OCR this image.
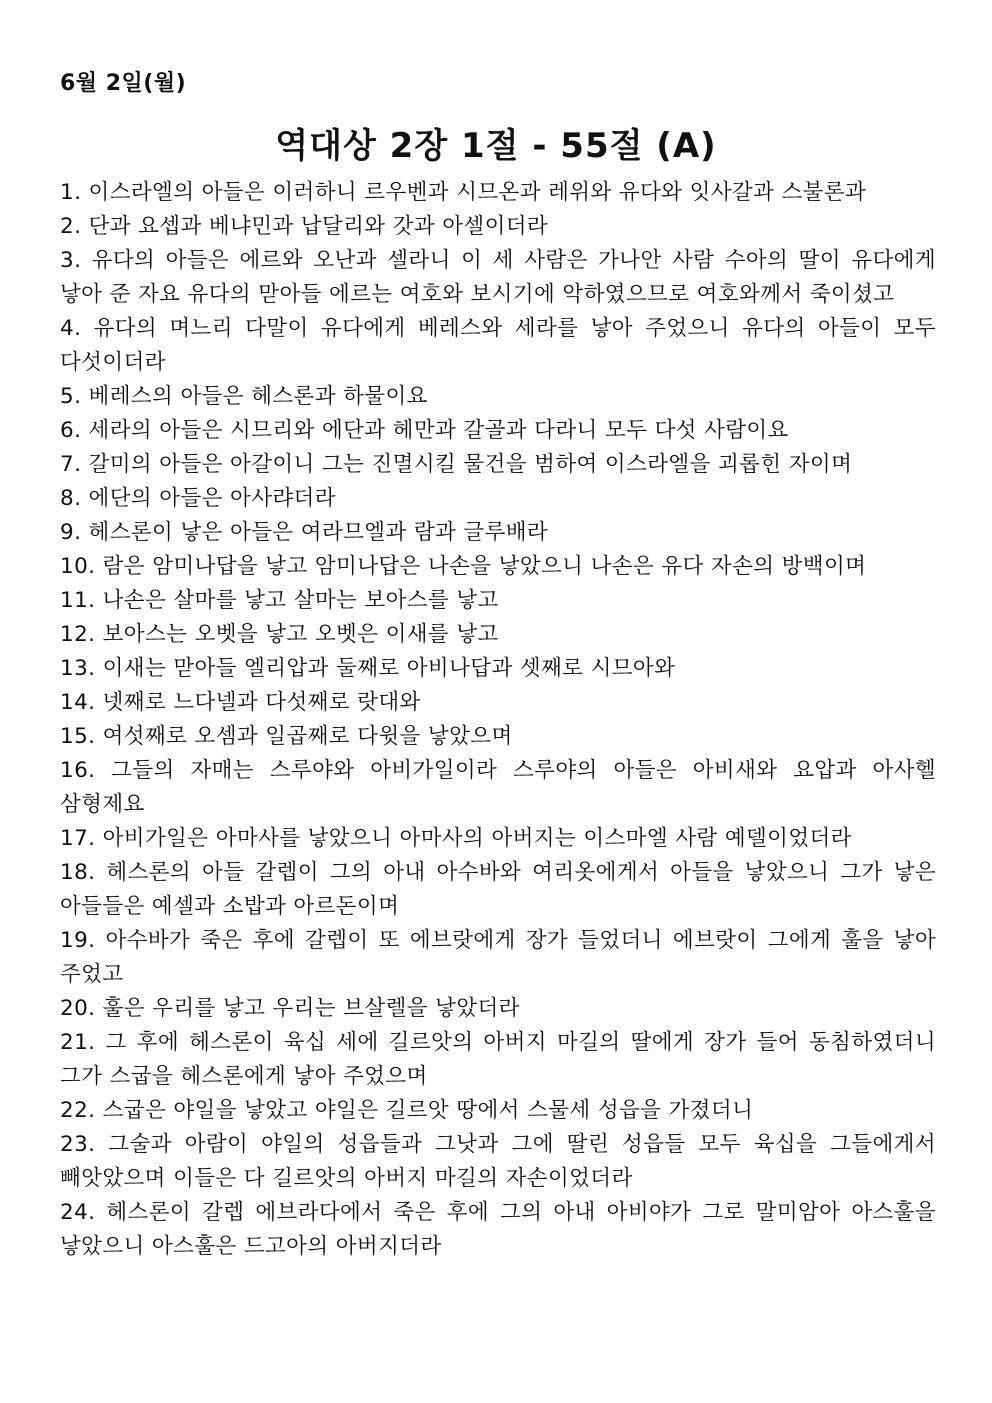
6월 2일(월)

역대상 2장 1절 - 55절 (A)
1. 이스라엘의 아들은 이러하니 르우벤과 시므온과 레위와 유다와 잇사갈과 스불론과
2. 단과 요셉과 베냐민과 납달리와 갓과 아셀이더라
3. 유다의 아들은 에르와 오난과 셀라니 이 세 사람은 가나안 사람 수아의 딸이 유다에게 낳아 준 자요 유다의 맏아들 에르는 여호와 보시기에 악하였으므로 여호와께서 죽이셨고
4. 유다의 며느리 다말이 유다에게 베레스와 세라를 낳아 주었으니 유다의 아들이 모두 다섯이더라
5. 베레스의 아들은 헤스론과 하물이요
6. 세라의 아들은 시므리와 에단과 헤만과 갈골과 다라니 모두 다섯 사람이요
7. 갈미의 아들은 아갈이니 그는 진멸시킬 물건을 범하여 이스라엘을 괴롭힌 자이며
8. 에단의 아들은 아사랴더라
9. 헤스론이 낳은 아들은 여라므엘과 람과 글루배라
10. 람은 암미나답을 낳고 암미나답은 나손을 낳았으니 나손은 유다 자손의 방백이며
11. 나손은 살마를 낳고 살마는 보아스를 낳고
12. 보아스는 오벳을 낳고 오벳은 이새를 낳고
13. 이새는 맏아들 엘리압과 둘째로 아비나답과 셋째로 시므아와
14. 넷째로 느다넬과 다섯째로 랏대와
15. 여섯째로 오셈과 일곱째로 다윗을 낳았으며
16. 그들의 자매는 스루야와 아비가일이라 스루야의 아들은 아비새와 요압과 아사헬 삼형제요
17. 아비가일은 아마사를 낳았으니 아마사의 아버지는 이스마엘 사람 예델이었더라
18. 헤스론의 아들 갈렙이 그의 아내 아수바와 여리옷에게서 아들을 낳았으니 그가 낳은 아들들은 예셀과 소밥과 아르돈이며
19. 아수바가 죽은 후에 갈렙이 또 에브랏에게 장가 들었더니 에브랏이 그에게 훌을 낳아 주었고
20. 훌은 우리를 낳고 우리는 브살렐을 낳았더라
21. 그 후에 헤스론이 육십 세에 길르앗의 아버지 마길의 딸에게 장가 들어 동침하였더니 그가 스굽을 헤스론에게 낳아 주었으며
22. 스굽은 야일을 낳았고 야일은 길르앗 땅에서 스물세 성읍을 가졌더니
23. 그술과 아람이 야일의 성읍들과 그낫과 그에 딸린 성읍들 모두 육십을 그들에게서 빼앗았으며 이들은 다 길르앗의 아버지 마길의 자손이었더라
24. 헤스론이 갈렙 에브라다에서 죽은 후에 그의 아내 아비야가 그로 말미암아 아스훌을 낳았으니 아스훌은 드고아의 아버지더라
